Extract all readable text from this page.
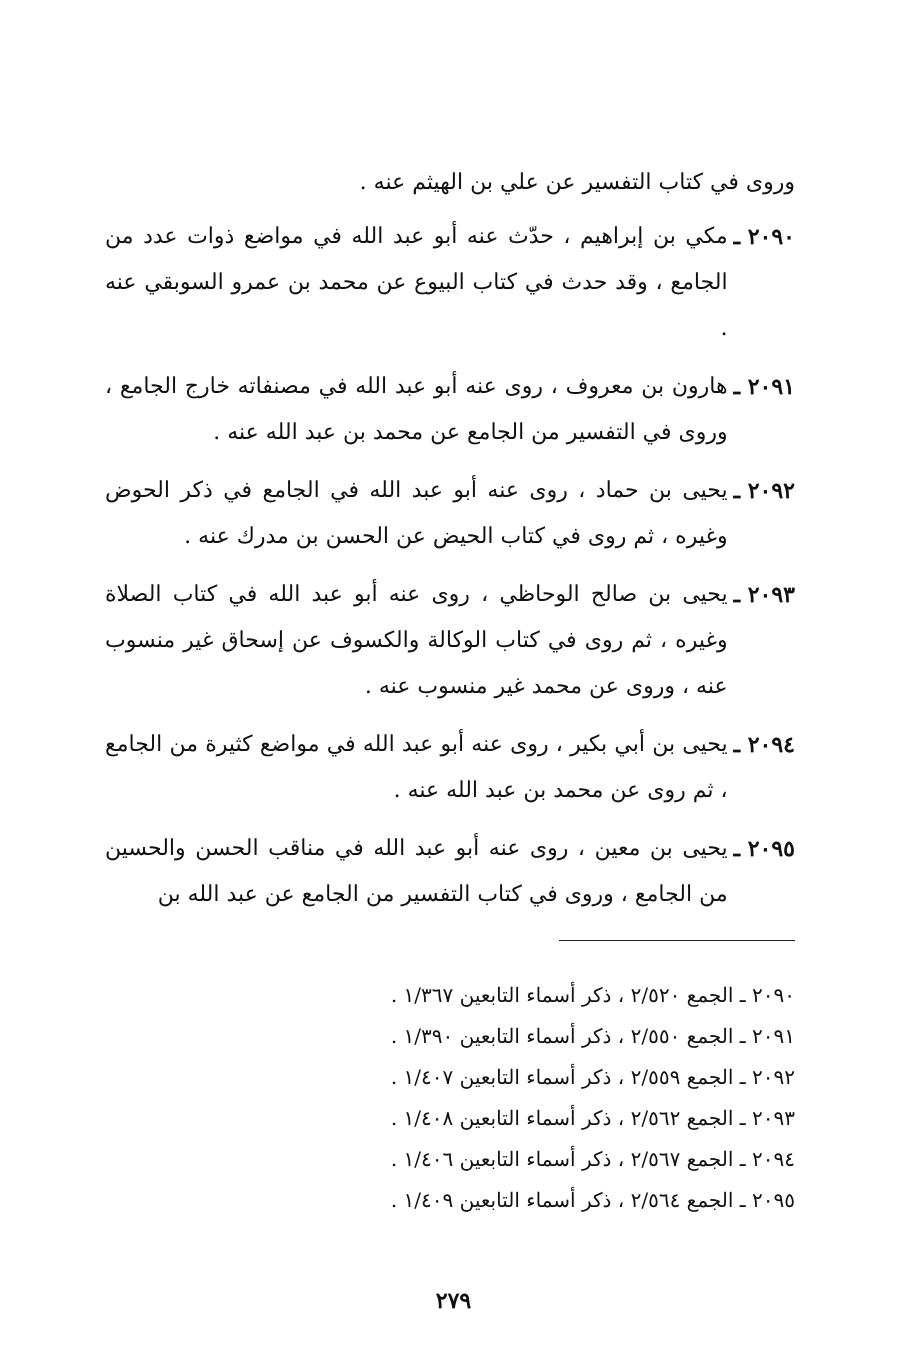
وروى في كتاب التفسير عن علي بن الهيثم عنه .

٢٠٩٠ ـ
مكي بن إبراهيم ، حدّث عنه أبو عبد الله في مواضع ذوات عدد من الجامع ، وقد حدث في كتاب البيوع عن محمد بن عمرو السوبقي عنه .
٢٠٩١ ـ
هارون بن معروف ، روى عنه أبو عبد الله في مصنفاته خارج الجامع ، وروى في التفسير من الجامع عن محمد بن عبد الله عنه .
٢٠٩٢ ـ
يحيى بن حماد ، روى عنه أبو عبد الله في الجامع في ذكر الحوض وغيره ، ثم روى في كتاب الحيض عن الحسن بن مدرك عنه .
٢٠٩٣ ـ
يحيى بن صالح الوحاظي ، روى عنه أبو عبد الله في كتاب الصلاة وغيره ، ثم روى في كتاب الوكالة والكسوف عن إسحاق غير منسوب عنه ، وروى عن محمد غير منسوب عنه .
٢٠٩٤ ـ
يحيى بن أبي بكير ، روى عنه أبو عبد الله في مواضع كثيرة من الجامع ، ثم روى عن محمد بن عبد الله عنه .
٢٠٩٥ ـ
يحيى بن معين ، روى عنه أبو عبد الله في مناقب الحسن والحسين من الجامع ، وروى في كتاب التفسير من الجامع عن عبد الله بن
٢٠٩٠ ـ الجمع ٢/٥٢٠ ، ذكر أسماء التابعين ١/٣٦٧ .
٢٠٩١ ـ الجمع ٢/٥٥٠ ، ذكر أسماء التابعين ١/٣٩٠ .
٢٠٩٢ ـ الجمع ٢/٥٥٩ ، ذكر أسماء التابعين ١/٤٠٧ .
٢٠٩٣ ـ الجمع ٢/٥٦٢ ، ذكر أسماء التابعين ١/٤٠٨ .
٢٠٩٤ ـ الجمع ٢/٥٦٧ ، ذكر أسماء التابعين ١/٤٠٦ .
٢٠٩٥ ـ الجمع ٢/٥٦٤ ، ذكر أسماء التابعين ١/٤٠٩ .
٢٧٩
